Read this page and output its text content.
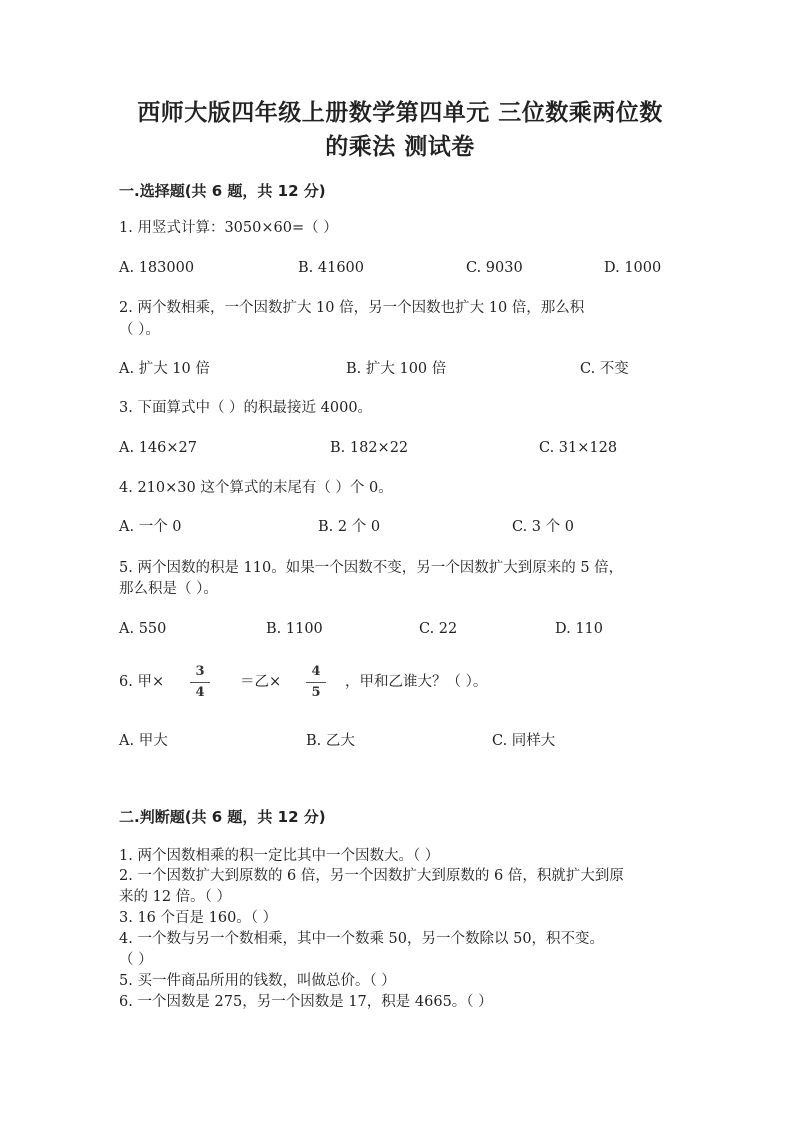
西师大版四年级上册数学第四单元 三位数乘两位数
的乘法 测试卷
一.选择题(共 6 题，共 12 分)
1. 用竖式计算：3050×60=（ ）
A. 183000	B. 41600	C. 9030	D. 1000
2. 两个数相乘，一个因数扩大 10 倍，另一个因数也扩大 10 倍，那么积
（ ）。
A. 扩大 10 倍	B. 扩大 100 倍	C. 不变
3. 下面算式中（ ）的积最接近 4000。
A. 146×27	B. 182×22	C. 31×128
4. 210×30 这个算式的末尾有（ ）个 0。
A. 一个 0	B. 2 个 0	C. 3 个 0
5. 两个因数的积是 110。如果一个因数不变，另一个因数扩大到原来的 5 倍，
那么积是（ ）。
A. 550	B. 1100	C. 22	D. 110
6. 甲×
3
4
＝乙×
4
5
，甲和乙谁大？（ ）。
A. 甲大	B. 乙大	C. 同样大
二.判断题(共 6 题，共 12 分)
1. 两个因数相乘的积一定比其中一个因数大。（ ）
2. 一个因数扩大到原数的 6 倍，另一个因数扩大到原数的 6 倍，积就扩大到原
来的 12 倍。（ ）
3. 16 个百是 160。（ ）
4. 一个数与另一个数相乘，其中一个数乘 50，另一个数除以 50，积不变。
（ ）
5. 买一件商品所用的钱数，叫做总价。（ ）
6. 一个因数是 275，另一个因数是 17，积是 4665。（ ）
